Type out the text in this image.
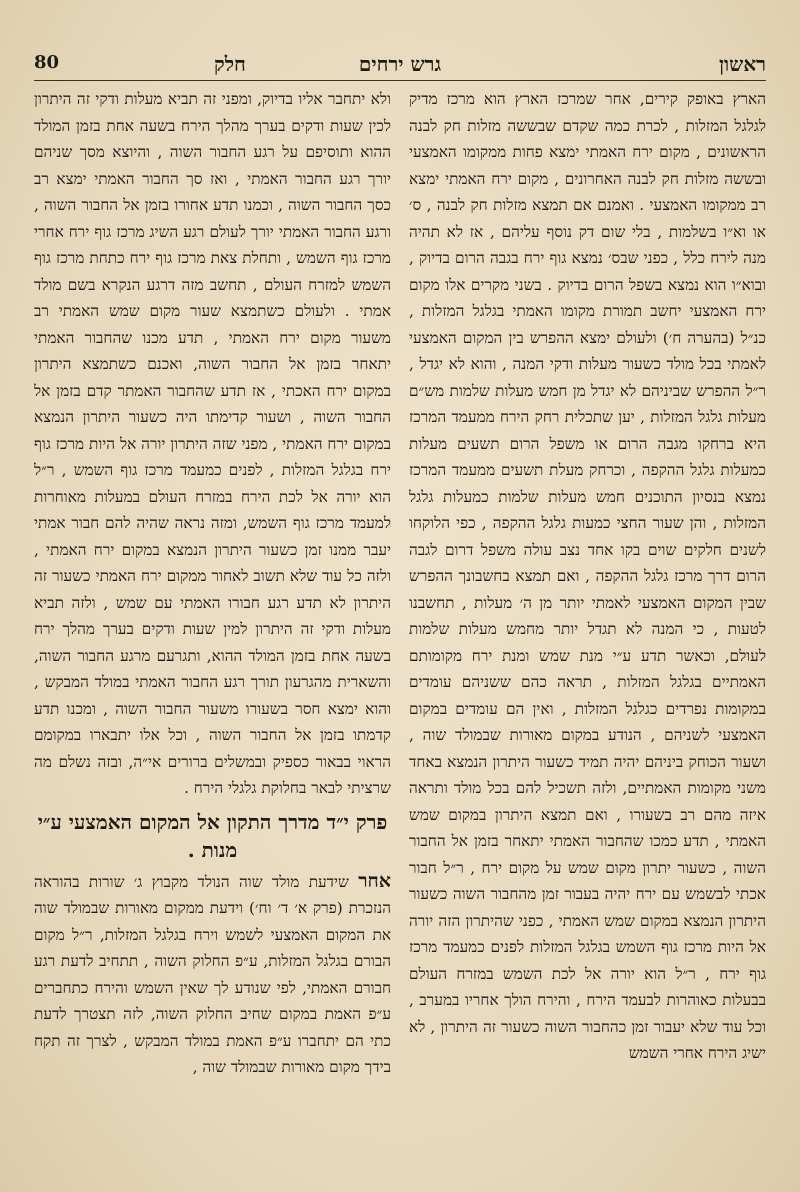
ראשון
גרש ירחים
חלק
80

הארץ באופק קירים, אחר שמרכז הארץ הוא מרכז מדיק לגלגל המזלות , לכרת כמה שקדם שבששה מזלות חק לבנה הראשונים , מקום ירח האמתי ימצא פחות ממקומו האמצעי ובששה מזלות חק לבנה האחרונים , מקום ירח האמתי ימצא רב ממקומו האמצעי . ואמנם אם תמצא מזלות חק לבנה , ס׳ או וא״ו בשלמות , בלי שום דק נוסף עליהם , אז לא תהיה מנה לירח כלל , כפני שבס׳ נמצא גוף ירח בגבה הרום בדיוק , ובוא״ו הוא נמצא בשפל הרום בדיוק . בשני מקרים אלו מקום ירח האמצעי יחשב תמורת מקומו האמתי בגלגל המזלות , כנ״ל (בהערה ח׳) ולעולם ימצא ההפרש בין המקום האמצעי לאמתי בכל מולד כשעור מעלות ודקי המנה , והוא לא יגדל , ר״ל ההפרש שביניהם לא יגדל מן חמש מעלות שלמות מש״ם מעלות גלגל המזלות , יען שתכלית רחק הירח ממעמד המרכז היא ברחקו מגבה הרום או משפל הרום תשעים מעלות כמעלות גלגל ההקפה , וכרחק מעלת תשעים ממעמד המרכז נמצא בנסיון התוכנים חמש מעלות שלמות כמעלות גלגל המזלות , והן שעור החצי כמעות גלגל ההקפה , כפי הלוקחו לשנים חלקים שוים בקו אחד נצב עולה משפל דרום לגבה הרום דרך מרכז גלגל ההקפה , ואם תמצא בחשבונך ההפרש שבין המקום האמצעי לאמתי יותר מן ה׳ מעלות , תחשבנו לטעות , כי המנה לא תגדל יותר מחמש מעלות שלמות לעולם, וכאשר תדע ע״י מנת שמש ומנת ירח מקומותם האמתיים בגלגל המזלות , תראה כהם ששניהם עומדים במקומות נפרדים כגלגל המזלות , ואין הם עומדים במקום האמצעי לשניהם , הנודע במקום מאורות שבמולד שוה , ושעור הכוחק ביניהם יהיה תמיד כשעור היתרון הנמצא באחד משני מקומות האמתיים, ולזה תשכיל להם בכל מולד ותראה איזה מהם רב בשעורו , ואם תמצא היתרון במקום שמש האמתי , תדע כמכו שהחבור האמתי יתאחר בזמן אל החבור השוה , כשעור יתרון מקום שמש על מקום ירח , ר״ל חבור אכתי לבשמש עם ירח יהיה בעבור זמן מהחבור השוה כשעור היתרון הנמצא במקום שמש האמתי , כפני שהיתרון הזה יורה אל היות מרכז גוף השמש בגלגל המזלות לפנים כמעמד מרכז גוף ירח , ר״ל הוא יורה אל לכת השמש במזרח העולם בבעלות כאוהרות לבעמד הירח , והירח הולך אחריו במערב , וכל עוד שלא יעבור זמן כהחבור השוה כשעור זה היתרון , לא ישיג הירח אחרי השמש

ולא יתחבר אליו בדיוק, ומפני זה תביא מעלות ודקי זה היתרון לכין שעות ודקים בערך מהלך הירח בשעה אחת בזמן המולד ההוא ותוסיפם על רגע החבור השוה , והיוצא מסך שניהם יורך רגע החבור האמתי , ואז סך החבור האמתי ימצא רב כסך החבור השוה , וכמנו תדע אחורו בזמן אל החבור השוה , ורגע החבור האמתי יורך לעולם רגע השיג מרכז גוף ירח אחרי מרכז גוף השמש , ותחלת צאת מרכז גוף ירח כתחת מרכז גוף השמש למזרח העולם , תחשב מזה דרגע הנקרא בשם מולד אמתי . ולעולם כשתמצא שעור מקום שמש האמתי רב משעור מקום ירח האמתי , תדע מכנו שהחבור האמתי יתאחר בזמן אל החבור השוה, ואכנם כשתמצא היתרון במקום ירח האכתי , אז תדע שהחבור האמתר קדם בזמן אל החבור השוה , ושעור קדימתו היה כשעור היתרון הנמצא במקום ירח האמתי , מפני שזה היתרון יורה אל היות מרכז גוף ירח בגלגל המזלות , לפנים כמעמד מרכז גוף השמש , ר״ל הוא יורה אל לכת הירח במזרח העולם במעלות מאוחרות למעמד מרכז גוף השמש, ומזה נראה שהיה להם חבור אמתי יעבר ממנו זמן כשעור היתרון הנמצא במקום ירח האמתי , ולזה כל עוד שלא תשוב לאחור ממקום ירח האמתי כשעור זה היתרון לא תדע רגע חבורו האמתי עם שמש , ולזה תביא מעלות ודקי זה היתרון למין שעות ודקים בערך מהלך ירח בשעה אחת בזמן המולד ההוא, ותגרעם מרגע החבור השוה, והשארית מהגרעון תורך רגע החבור האמתי במולד המבקש , והוא ימצא חסר בשעורו משעור החבור השוה , ומכנו תדע קדמתו בזמן אל החבור השוה , וכל אלו יתבארו במקומם הראוי בבאור כספיק ובמשלים ברורים אי״ה, ובזה נשלם מה שרציתי לבאר בחלוקת גלגלי הירח .

פרק י״ד מדרך התקון אל המקום האמצעי ע״י מנות .

אחר שידעת מולד שוה הנולד מקבוץ ג׳ שורות בהוראה הנזכרת (פרק א׳ ד׳ וח׳) וידעת ממקום מאורות שבמולד שוה את המקום האמצעי לשמש וירח בגלגל המזלות, ר״ל מקום הבורם בגלגל המזלות, ע״פ החלוק השוה , תתחיב לדעת רגע חבורם האמתי, לפי שנודע לך שאין השמש והירח כתחברים ע״פ האמת במקום שחיב החלוק השוה, לזה תצטרך לדעת כתי הם יתחברו ע״פ האמת במולד המבקש , לצרך זה תקח בידך מקום מאורות שבמולד שוה ,
